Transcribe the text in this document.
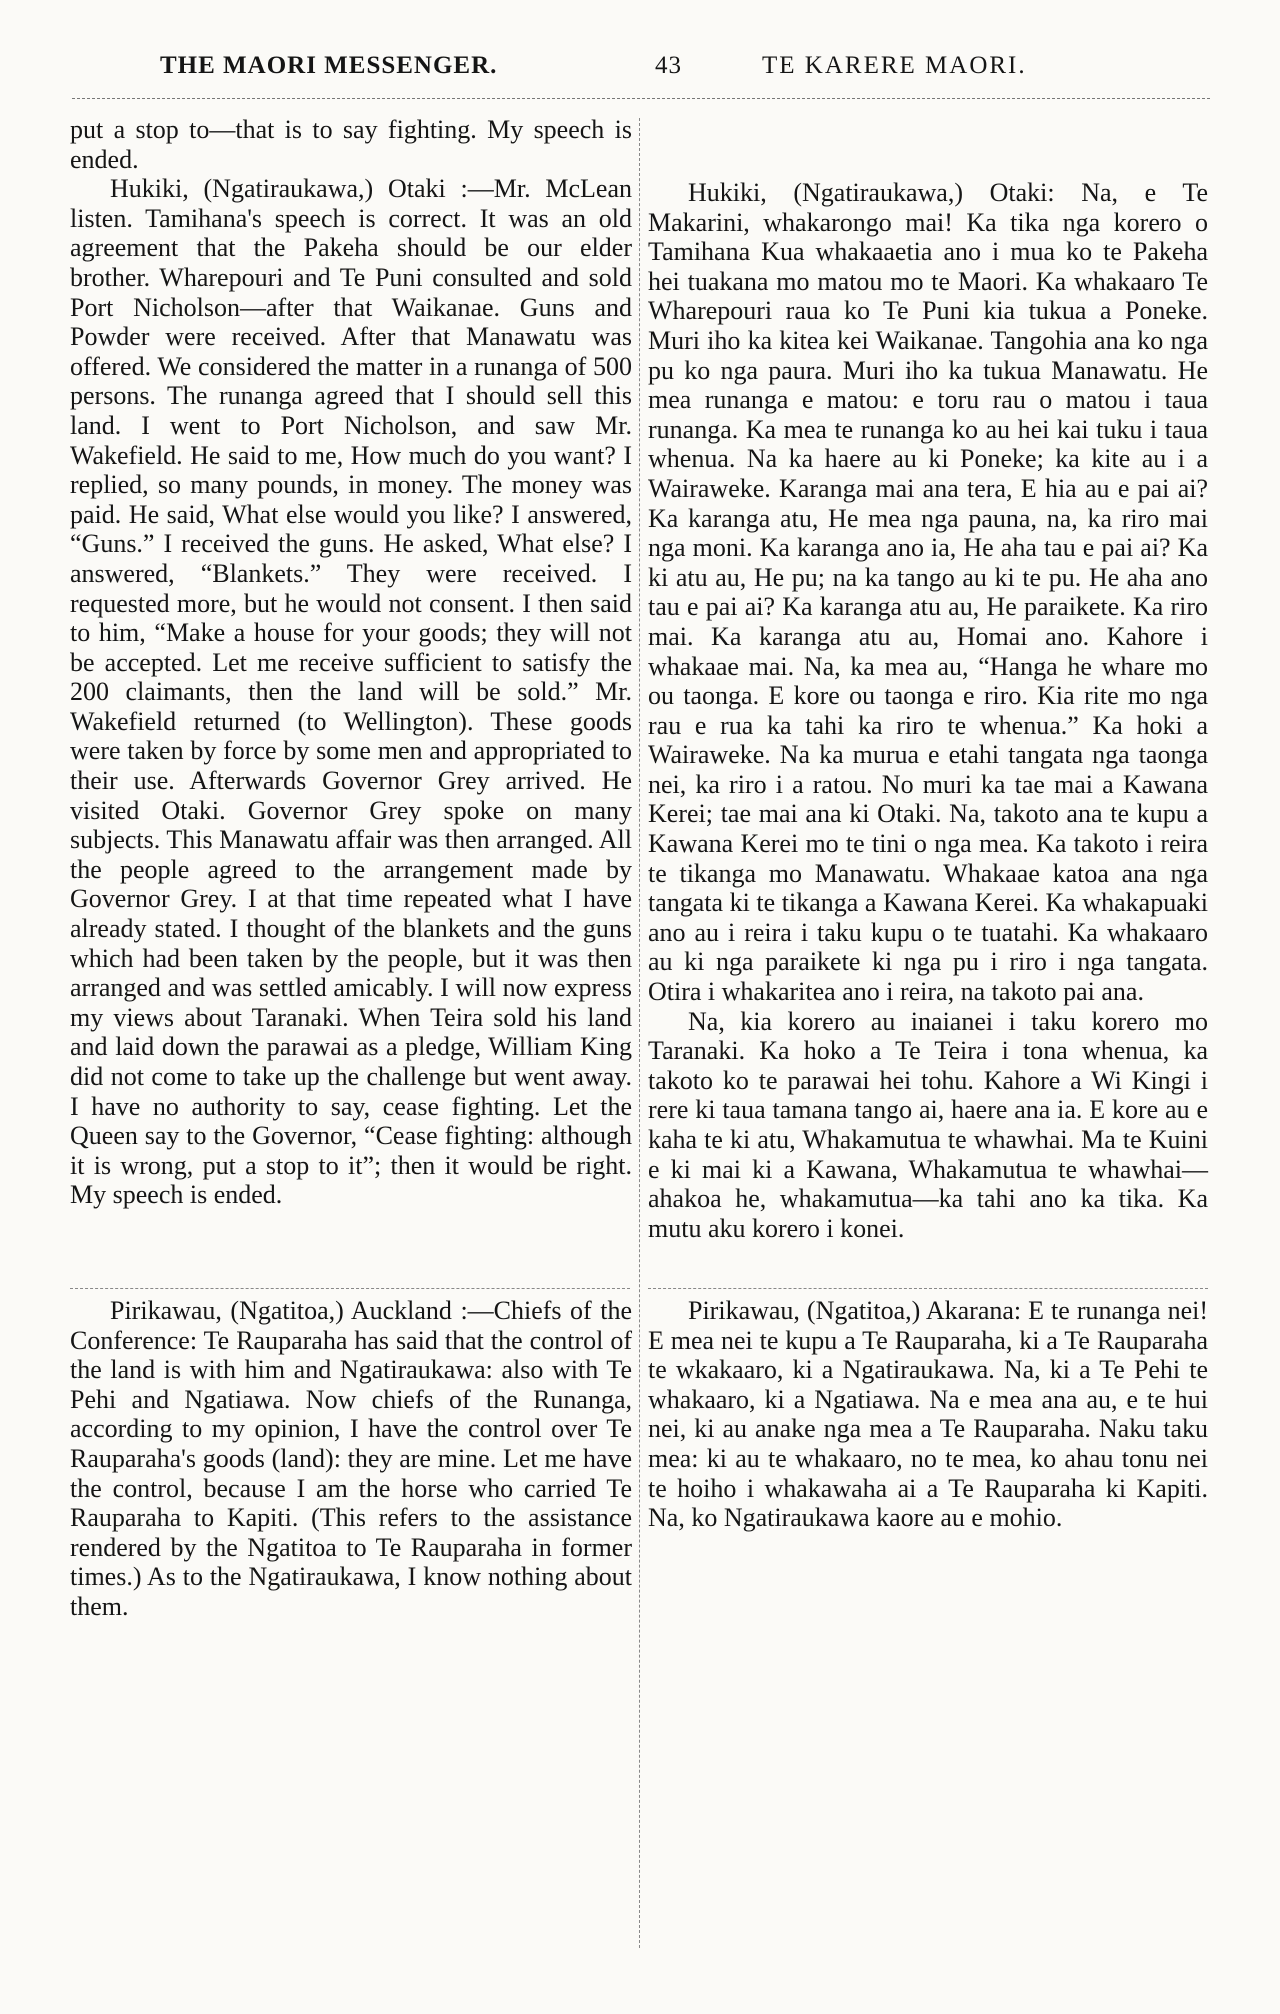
THE MAORI MESSENGER.	43	TE KARERE MAORI.

put a stop to—that is to say fighting. My speech is ended.

Hukiki, (Ngatiraukawa,) Otaki :—Mr. McLean listen. Tamihana's speech is correct. It was an old agreement that the Pakeha should be our elder brother. Wharepouri and Te Puni consulted and sold Port Nicholson—after that Waikanae. Guns and Powder were received. After that Manawatu was offered. We considered the matter in a runanga of 500 persons. The runanga agreed that I should sell this land. I went to Port Nicholson, and saw Mr. Wakefield. He said to me, How much do you want? I replied, so many pounds, in money. The money was paid. He said, What else would you like? I answered, “Guns.” I received the guns. He asked, What else? I answered, “Blankets.” They were received. I requested more, but he would not consent. I then said to him, “Make a house for your goods; they will not be accepted. Let me receive sufficient to satisfy the 200 claimants, then the land will be sold.” Mr. Wakefield returned (to Wellington). These goods were taken by force by some men and appropriated to their use. Afterwards Governor Grey arrived. He visited Otaki. Governor Grey spoke on many subjects. This Manawatu affair was then arranged. All the people agreed to the arrangement made by Governor Grey. I at that time repeated what I have already stated. I thought of the blankets and the guns which had been taken by the people, but it was then arranged and was settled amicably. I will now express my views about Taranaki. When Teira sold his land and laid down the parawai as a pledge, William King did not come to take up the challenge but went away. I have no authority to say, cease fighting. Let the Queen say to the Governor, “Cease fighting: although it is wrong, put a stop to it”; then it would be right. My speech is ended.

Hukiki, (Ngatiraukawa,) Otaki: Na, e Te Makarini, whakarongo mai! Ka tika nga korero o Tamihana Kua whakaaetia ano i mua ko te Pakeha hei tuakana mo matou mo te Maori. Ka whakaaro Te Wharepouri raua ko Te Puni kia tukua a Poneke. Muri iho ka kitea kei Waikanae. Tangohia ana ko nga pu ko nga paura. Muri iho ka tukua Manawatu. He mea runanga e matou: e toru rau o matou i taua runanga. Ka mea te runanga ko au hei kai tuku i taua whenua. Na ka haere au ki Poneke; ka kite au i a Wairaweke. Karanga mai ana tera, E hia au e pai ai? Ka karanga atu, He mea nga pauna, na, ka riro mai nga moni. Ka karanga ano ia, He aha tau e pai ai? Ka ki atu au, He pu; na ka tango au ki te pu. He aha ano tau e pai ai? Ka karanga atu au, He paraikete. Ka riro mai. Ka karanga atu au, Homai ano. Kahore i whakaae mai. Na, ka mea au, “Hanga he whare mo ou taonga. E kore ou taonga e riro. Kia rite mo nga rau e rua ka tahi ka riro te whenua.” Ka hoki a Wairaweke. Na ka murua e etahi tangata nga taonga nei, ka riro i a ratou. No muri ka tae mai a Kawana Kerei; tae mai ana ki Otaki. Na, takoto ana te kupu a Kawana Kerei mo te tini o nga mea. Ka takoto i reira te tikanga mo Manawatu. Whakaae katoa ana nga tangata ki te tikanga a Kawana Kerei. Ka whakapuaki ano au i reira i taku kupu o te tuatahi. Ka whakaaro au ki nga paraikete ki nga pu i riro i nga tangata. Otira i whakaritea ano i reira, na takoto pai ana.

Na, kia korero au inaianei i taku korero mo Taranaki. Ka hoko a Te Teira i tona whenua, ka takoto ko te parawai hei tohu. Kahore a Wi Kingi i rere ki taua tamana tango ai, haere ana ia. E kore au e kaha te ki atu, Whakamutua te whawhai. Ma te Kuini e ki mai ki a Kawana, Whakamutua te whawhai—ahakoa he, whakamutua—ka tahi ano ka tika. Ka mutu aku korero i konei.

Pirikawau, (Ngatitoa,) Auckland :—Chiefs of the Conference: Te Rauparaha has said that the control of the land is with him and Ngatiraukawa: also with Te Pehi and Ngatiawa. Now chiefs of the Runanga, according to my opinion, I have the control over Te Rauparaha's goods (land): they are mine. Let me have the control, because I am the horse who carried Te Rauparaha to Kapiti. (This refers to the assistance rendered by the Ngatitoa to Te Rauparaha in former times.) As to the Ngatiraukawa, I know nothing about them.

Pirikawau, (Ngatitoa,) Akarana: E te runanga nei! E mea nei te kupu a Te Rauparaha, ki a Te Rauparaha te wkakaaro, ki a Ngatiraukawa. Na, ki a Te Pehi te whakaaro, ki a Ngatiawa. Na e mea ana au, e te hui nei, ki au anake nga mea a Te Rauparaha. Naku taku mea: ki au te whakaaro, no te mea, ko ahau tonu nei te hoiho i whakawaha ai a Te Rauparaha ki Kapiti. Na, ko Ngatiraukawa kaore au e mohio.
